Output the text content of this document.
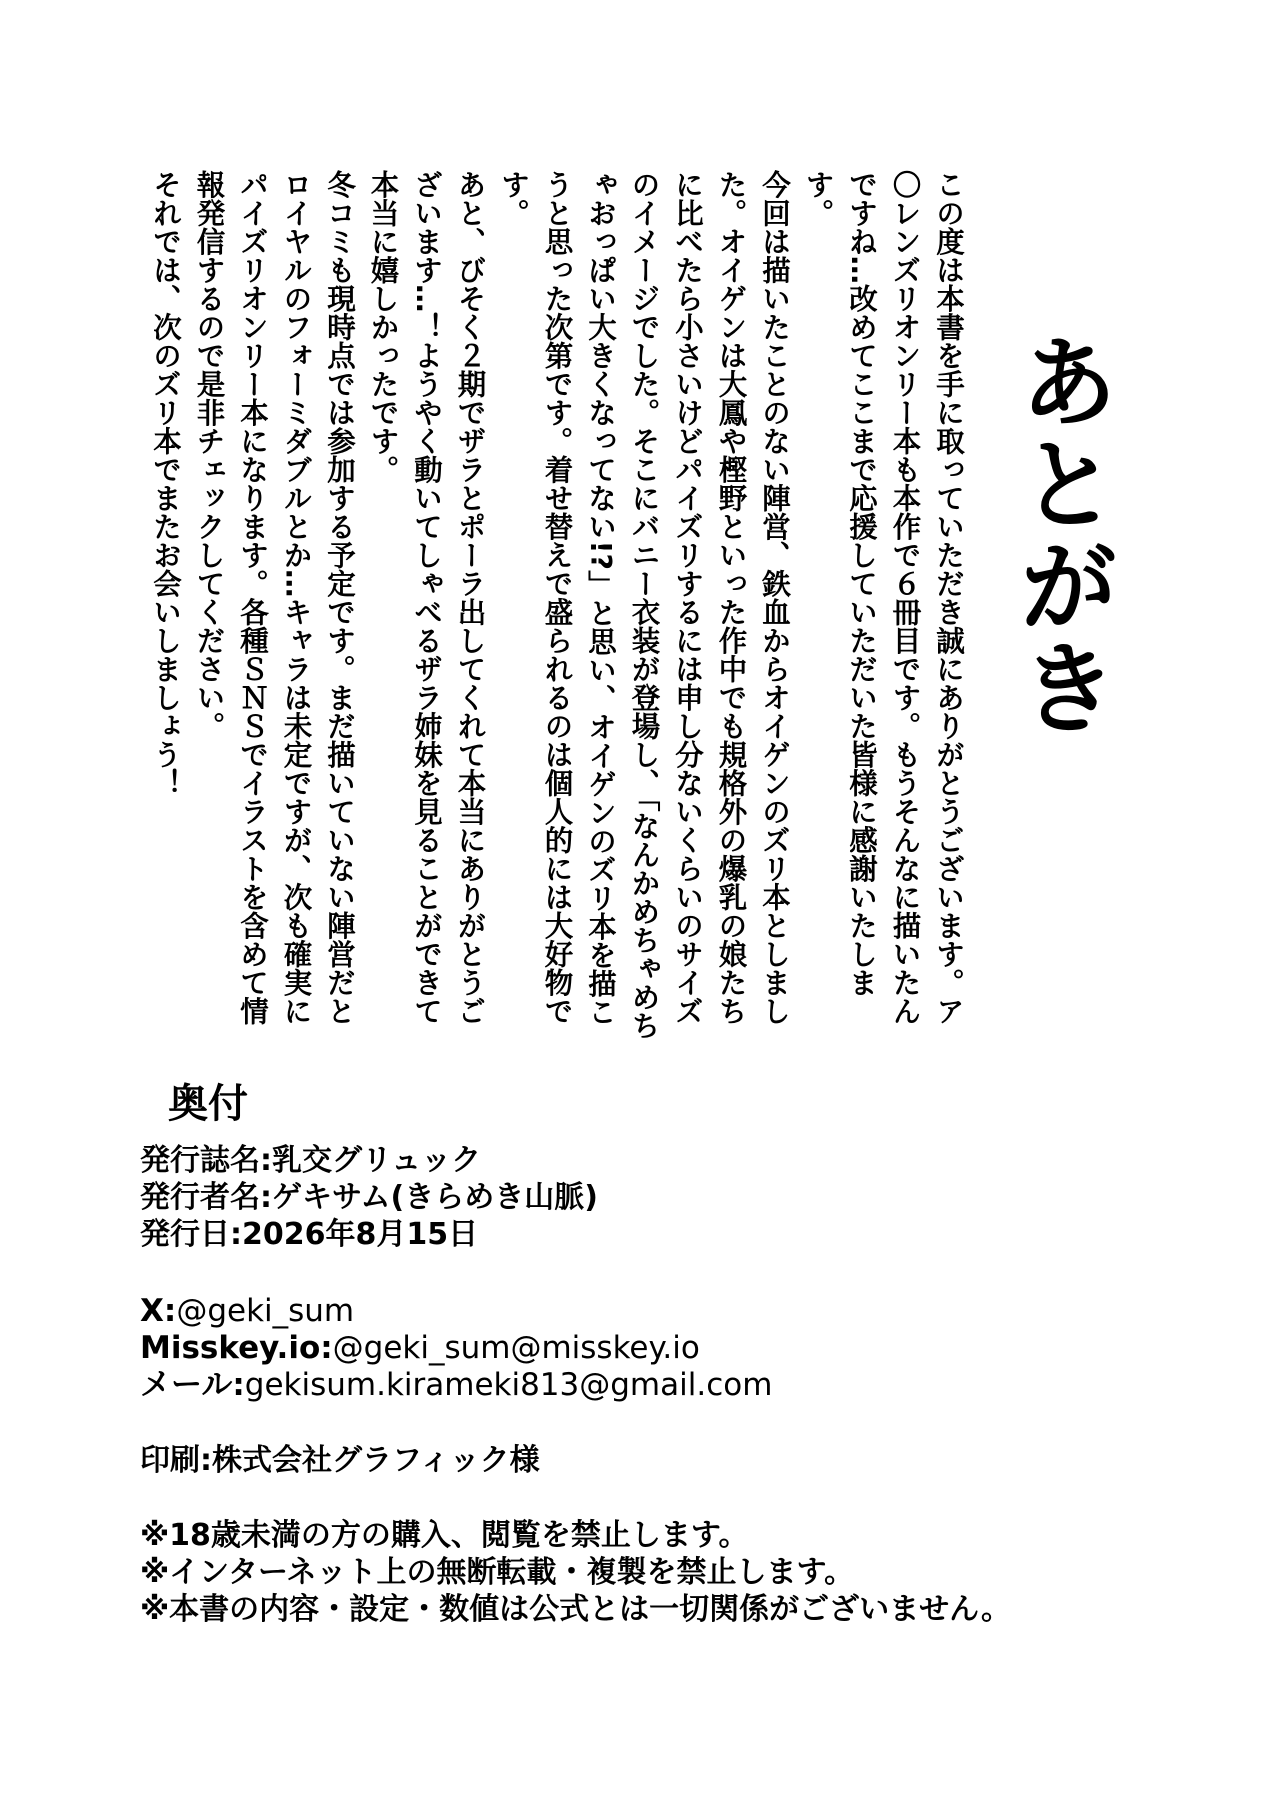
あとがき

この度は本書を手に取っていただき誠にありがとうございます。ア〇レンズリオンリー本も本作で６冊目です。もうそんなに描いたんですね…改めてここまで応援していただいた皆様に感謝いたします。

今回は描いたことのない陣営、鉄血からオイゲンのズリ本としました。オイゲンは大鳳や樫野といった作中でも規格外の爆乳の娘たちに比べたら小さいけどパイズリするには申し分ないくらいのサイズのイメージでした。そこにバニー衣装が登場し、「なんかめちゃめちゃおっぱい大きくなってない!?」と思い、オイゲンのズリ本を描こうと思った次第です。着せ替えで盛られるのは個人的には大好物です。

あと、びそく２期でザラとポーラ出してくれて本当にありがとうございます…！ようやく動いてしゃべるザラ姉妹を見ることができて本当に嬉しかったです。

冬コミも現時点では参加する予定です。まだ描いていない陣営だとロイヤルのフォーミダブルとか…キャラは未定ですが、次も確実にパイズリオンリー本になります。各種ＳＮＳでイラストを含めて情報発信するので是非チェックしてください。

それでは、次のズリ本でまたお会いしましょう！

奥付
発行誌名:乳交グリュック
発行者名:ゲキサム(きらめき山脈)
発行日:2026年8月15日
X:@geki_sum
Misskey.io:@geki_sum@misskey.io
メール:gekisum.kirameki813@gmail.com
印刷:株式会社グラフィック様
※18歳未満の方の購入、閲覧を禁止します。
※インターネット上の無断転載・複製を禁止します。
※本書の内容・設定・数値は公式とは一切関係がございません。
